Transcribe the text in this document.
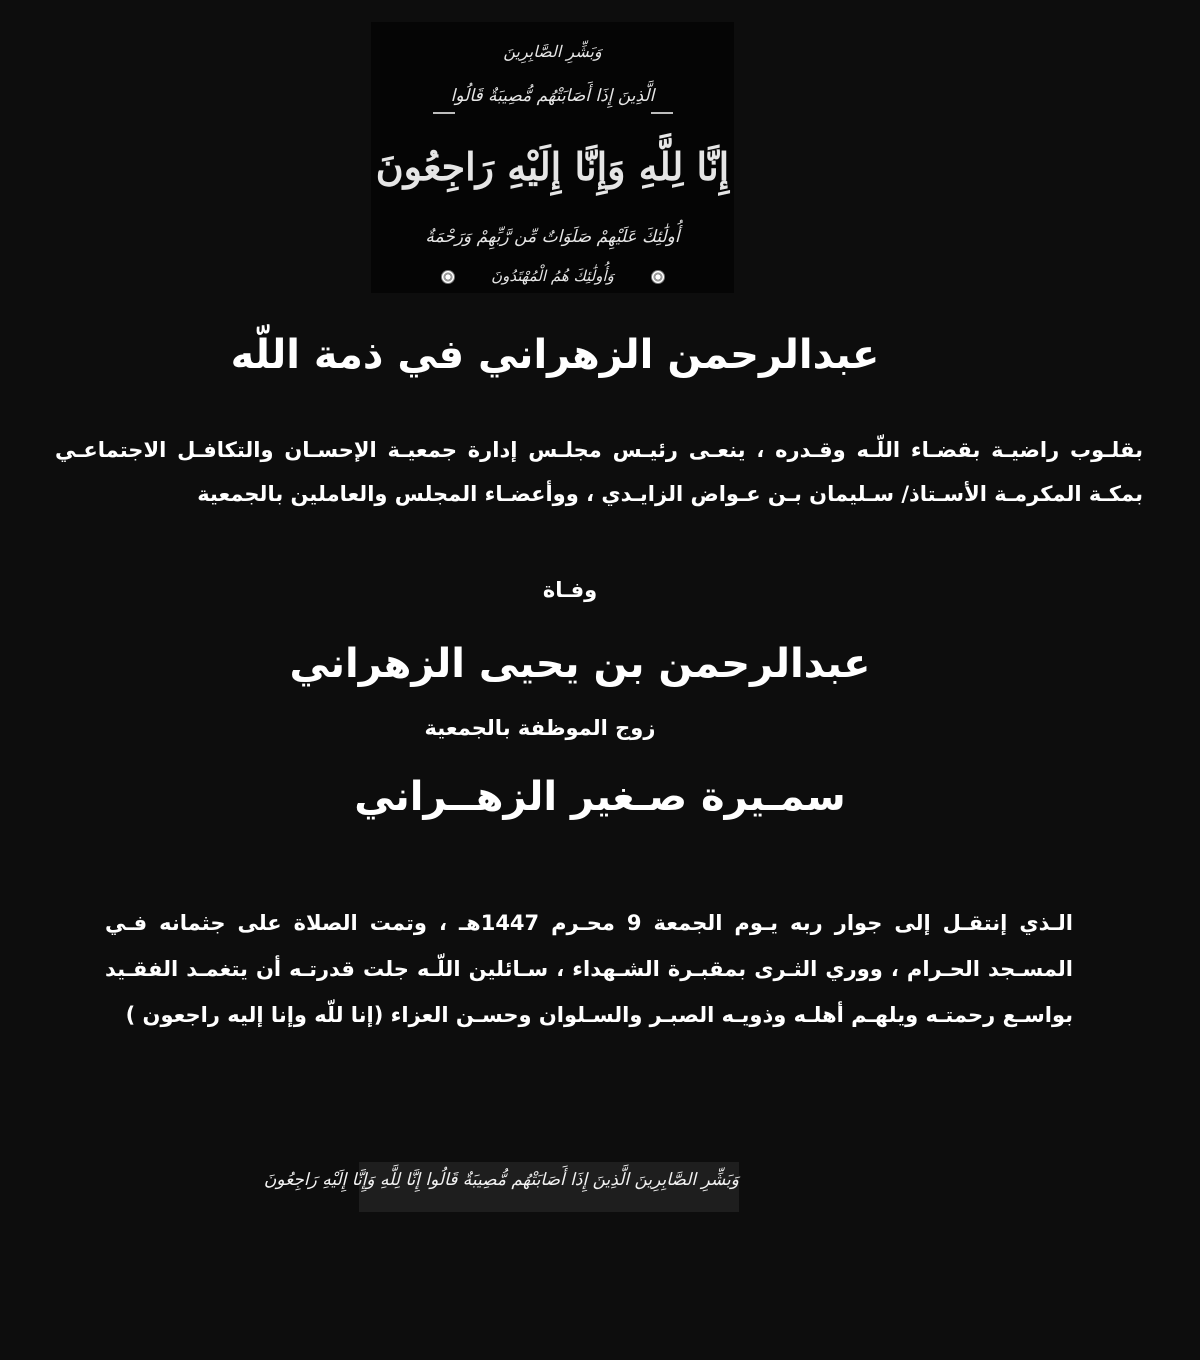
وَبَشِّرِ الصَّابِرِينَ
الَّذِينَ إِذَا أَصَابَتْهُم مُّصِيبَةٌ قَالُوا
إِنَّا لِلَّهِ وَإِنَّا إِلَيْهِ رَاجِعُونَ
أُولَٰئِكَ عَلَيْهِمْ صَلَوَاتٌ مِّن رَّبِّهِمْ وَرَحْمَةٌ
وَأُولَٰئِكَ هُمُ الْمُهْتَدُونَ
عبدالرحمن الزهراني في ذمة اللّه
بقلـوب راضيـة بقضـاء اللّـه وقـدره ، ينعـى رئيـس مجلـس إدارة جمعيـة الإحسـان والتكافـل الاجتماعـي بمكـة المكرمـة الأسـتاذ/ سـليمان بـن عـواض الزايـدي ، ووأعضـاء المجلس والعاملين بالجمعية
وفـاة
عبدالرحمن بن يحيى الزهراني
زوج الموظفة بالجمعية
سمـيرة صـغير الزهــراني
الـذي إنتقـل إلى جوار ربه يـوم الجمعة 9 محـرم 1447هـ ، وتمت الصلاة على جثمانه فـي المسـجد الحـرام ، ووري الثـرى بمقبـرة الشـهداء ، سـائلين اللّـه جلت قدرتـه أن يتغمـد الفقـيد بواسـع رحمتـه ويلهـم أهلـه وذويـه الصبـر والسـلوان وحسـن العزاء (إنا للّه وإنا إليه راجعون )
وَبَشِّرِ الصَّابِرِينَ الَّذِينَ إِذَا أَصَابَتْهُم مُّصِيبَةٌ قَالُوا إِنَّا لِلَّهِ وَإِنَّا إِلَيْهِ رَاجِعُونَ
